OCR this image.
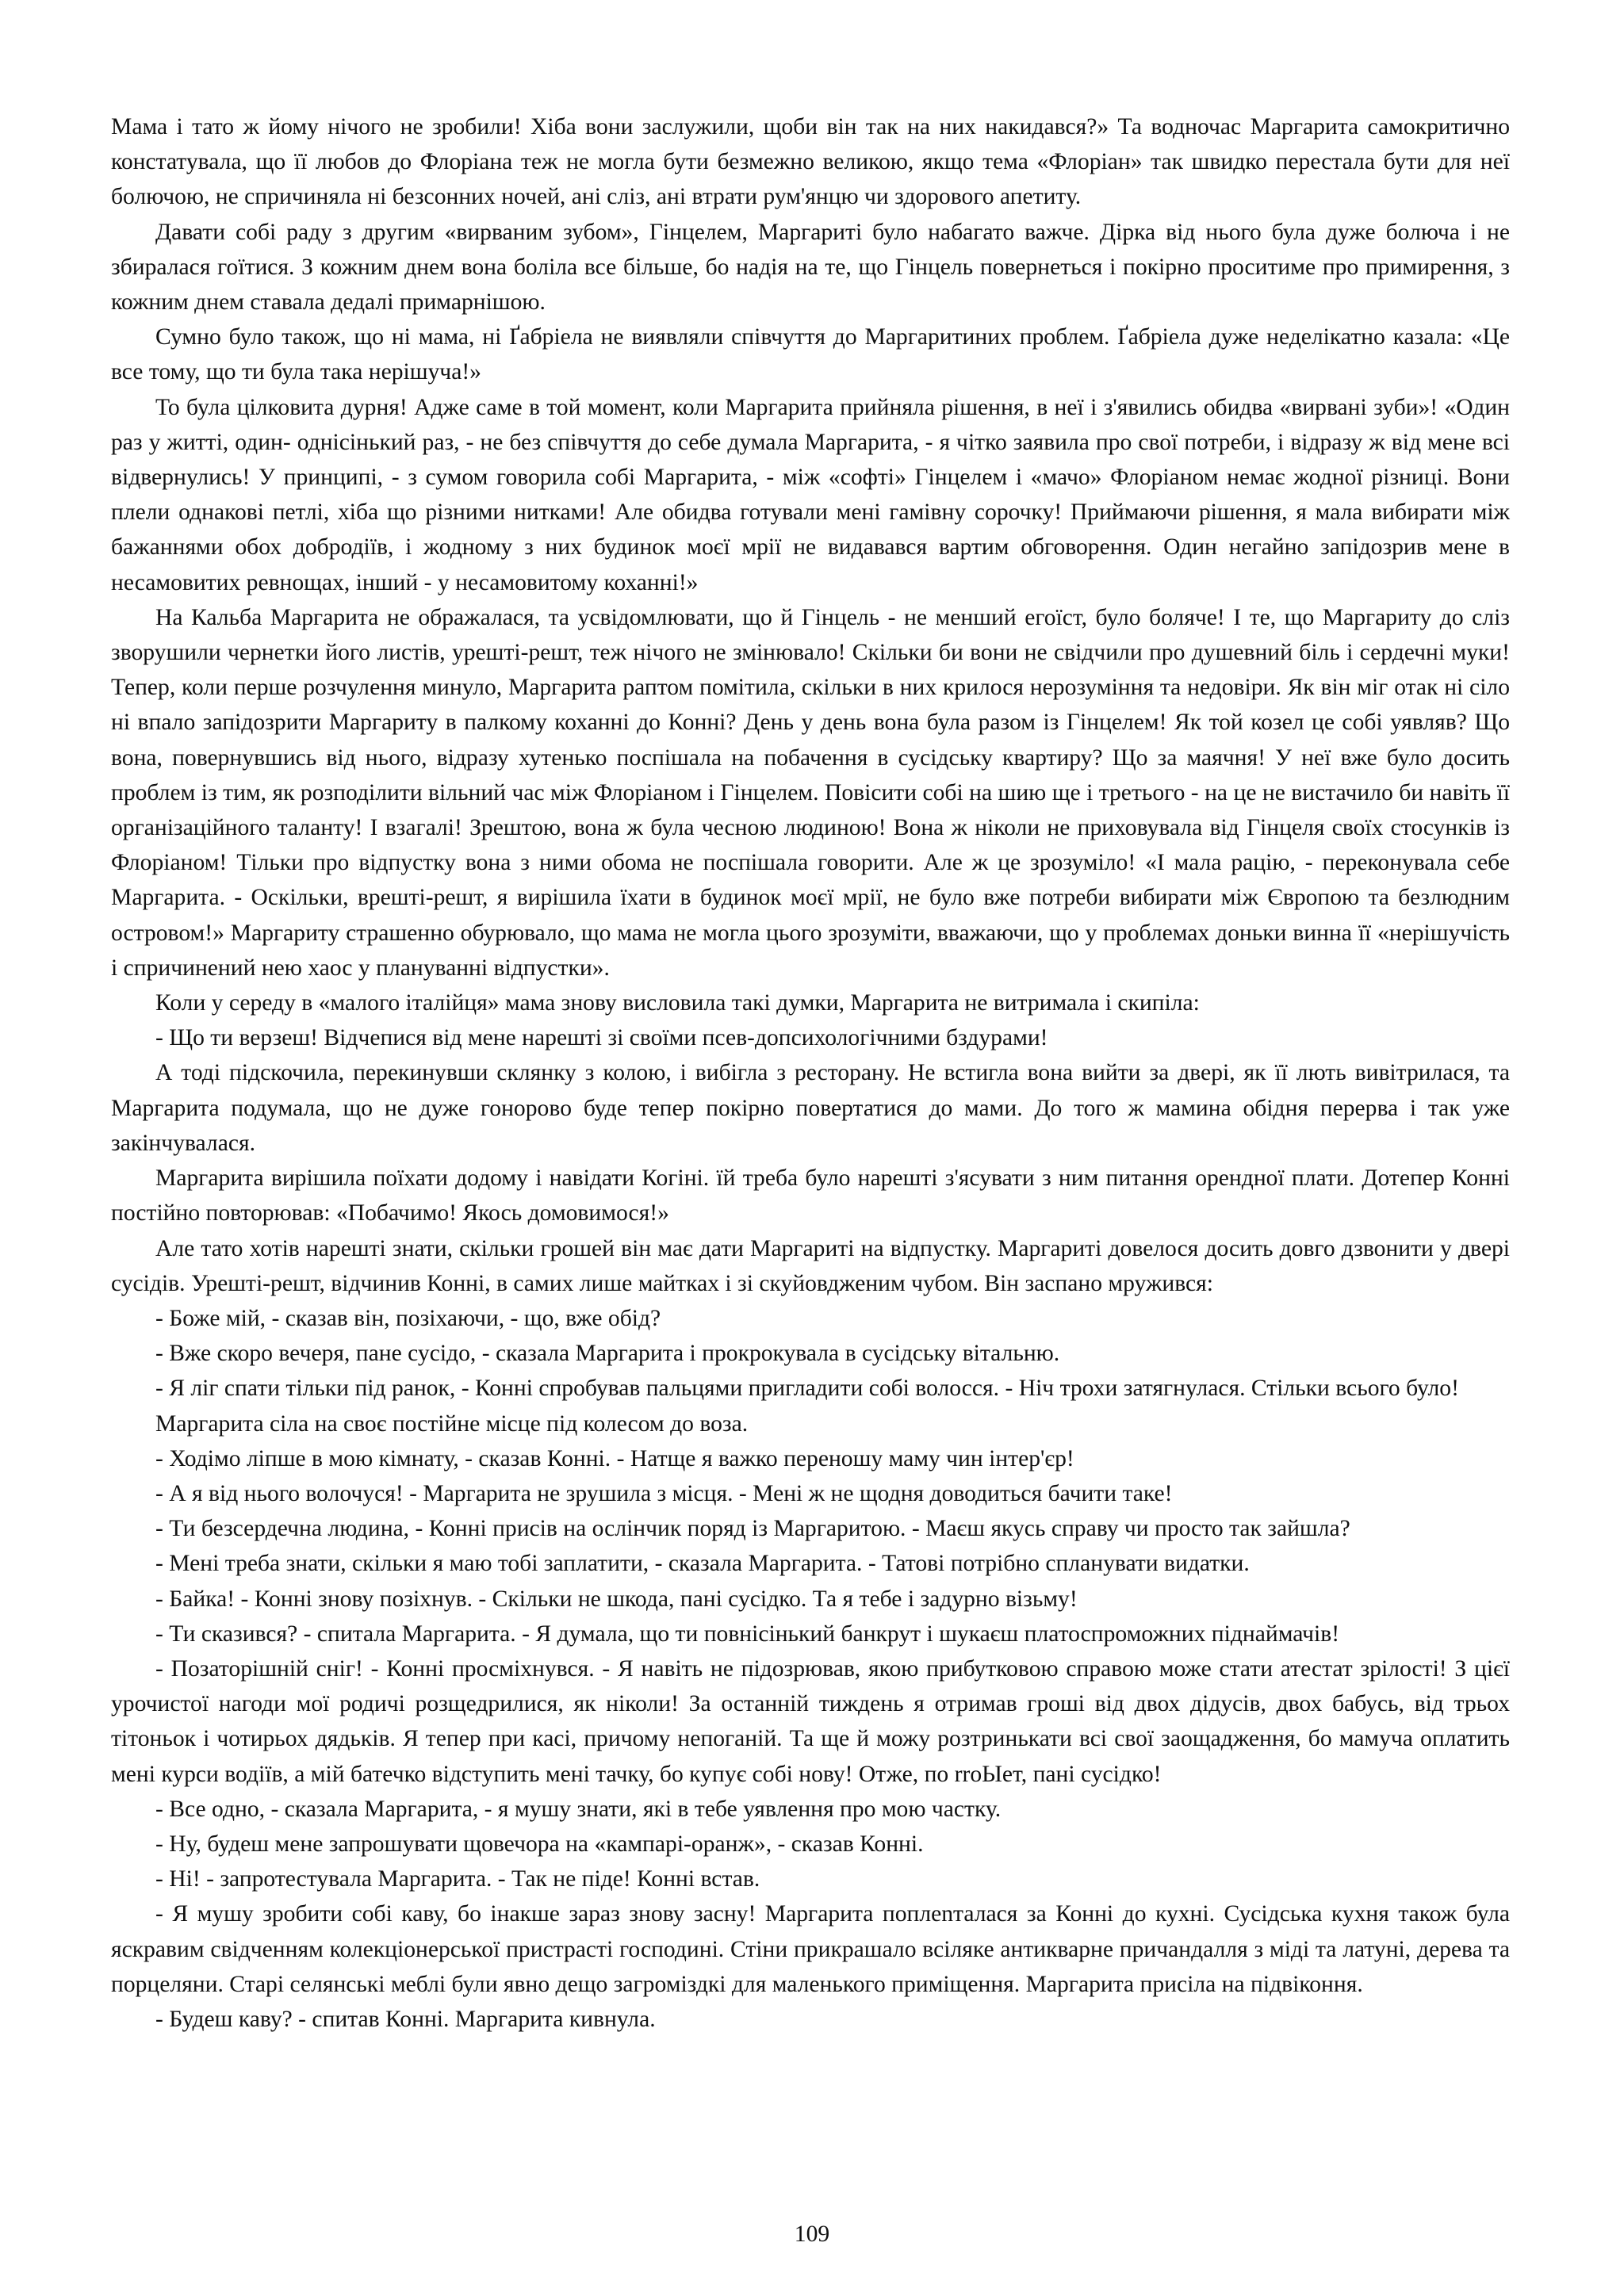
Мама і тато ж йому нічого не зробили! Хіба вони заслужили, щоби він так на них накидався?» Та водночас Маргарита самокритично констатувала, що її любов до Флоріана теж не могла бути безмежно великою, якщо тема «Флоріан» так швидко перестала бути для неї болючою, не спричиняла ні безсонних ночей, ані сліз, ані втрати рум'янцю чи здорового апетиту.

Давати собі раду з другим «вирваним зубом», Гінцелем, Маргариті було набагато важче. Дірка від нього була дуже болюча і не збиралася гоїтися. З кожним днем вона боліла все більше, бо надія на те, що Гінцель повернеться і покірно проситиме про примирення, з кожним днем ставала дедалі примарнішою.

Сумно було також, що ні мама, ні Ґабріела не виявляли співчуття до Маргаритиних проблем. Ґабріела дуже неделікатно казала: «Це все тому, що ти була така нерішуча!»

То була цілковита дурня! Адже саме в той момент, коли Маргарита прийняла рішення, в неї і з'явились обидва «вирвані зуби»! «Один раз у житті, один- однісінький раз, - не без співчуття до себе думала Маргарита, - я чітко заявила про свої потреби, і відразу ж від мене всі відвернулись! У принципі, - з сумом говорила собі Маргарита, - між «софті» Гінцелем і «мачо» Флоріаном немає жодної різниці. Вони плели однакові петлі, хіба що різними нитками! Але обидва готували мені гамівну сорочку! Приймаючи рішення, я мала вибирати між бажаннями обох добродіїв, і жодному з них будинок моєї мрії не видавався вартим обговорення. Один негайно запідозрив мене в несамовитих ревнощах, інший - у несамовитому коханні!»

На Кальба Маргарита не ображалася, та усвідомлювати, що й Гінцель - не менший егоїст, було боляче! І те, що Маргариту до сліз зворушили чернетки його листів, урешті-решт, теж нічого не змінювало! Скільки би вони не свідчили про душевний біль і сердечні муки! Тепер, коли перше розчулення минуло, Маргарита раптом помітила, скільки в них крилося нерозуміння та недовіри. Як він міг отак ні сіло ні впало запідозрити Маргариту в палкому коханні до Конні? День у день вона була разом із Гінцелем! Як той козел це собі уявляв? Що вона, повернувшись від нього, відразу хутенько поспішала на побачення в сусідську квартиру? Що за маячня! У неї вже було досить проблем із тим, як розподілити вільний час між Флоріаном і Гінцелем. Повісити собі на шию ще і третього - на це не вистачило би навіть її організаційного таланту! І взагалі! Зрештою, вона ж була чесною людиною! Вона ж ніколи не приховувала від Гінцеля своїх стосунків із Флоріаном! Тільки про відпустку вона з ними обома не поспішала говорити. Але ж це зрозуміло! «І мала рацію, - переконувала себе Маргарита. - Оскільки, врешті-решт, я вирішила їхати в будинок моєї мрії, не було вже потреби вибирати між Європою та безлюдним островом!» Маргариту страшенно обурювало, що мама не могла цього зрозуміти, вважаючи, що у проблемах доньки винна її «нерішучість і спричинений нею хаос у плануванні відпустки».

Коли у середу в «малого італійця» мама знову висловила такі думки, Маргарита не витримала і скипіла:

- Що ти верзеш! Відчепися від мене нарешті зі своїми псев-допсихологічними бздурами!

А тоді підскочила, перекинувши склянку з колою, і вибігла з ресторану. Не встигла вона вийти за двері, як її лють вивітрилася, та Маргарита подумала, що не дуже гоноровo буде тепер покірно повертатися до мами. До того ж мамина обідня перерва і так уже закінчувалася.

Маргарита вирішила поїхати додому і навідати Когіні. їй треба було нарешті з'ясувати з ним питання орендної плати. Дотепер Конні постійно повторював: «Побачимо! Якось домовимося!»

Але тато хотів нарешті знати, скільки грошей він має дати Маргариті на відпустку. Маргариті довелося досить довго дзвонити у двері сусідів. Урешті-решт, відчинив Конні, в самих лише майтках і зі скуйовдженим чубом. Він заспано мружився:

- Боже мій, - сказав він, позіхаючи, - що, вже обід?

- Вже скоро вечеря, пане сусідо, - сказала Маргарита і прокрокувала в сусідську вітальню.

- Я ліг спати тільки під ранок, - Конні спробував пальцями пригладити собі волосся. - Ніч трохи затягнулася. Стільки всього було!

Маргарита сіла на своє постійне місце під колесом до воза.

- Ходімо ліпше в мою кімнату, - сказав Конні. - Натще я важко переношу маму чин інтер'єр!

- А я від нього волочуся! - Маргарита не зрушила з місця. - Мені ж не щодня доводиться бачити таке!

- Ти безсердечна людина, - Конні присів на ослінчик поряд із Маргаритою. - Маєш якусь справу чи просто так зайшла?

- Мені треба знати, скільки я маю тобі заплатити, - сказала Маргарита. - Татові потрібно спланувати видатки.

- Байка! - Конні знову позіхнув. - Скільки не шкода, пані сусідко. Та я тебе і задурно візьму!

- Ти сказився? - спитала Маргарита. - Я думала, що ти повнісінький банкрут і шукаєш платоспроможних піднаймачів!

- Позаторішній сніг! - Конні просміхнувся. - Я навіть не підозрював, якою прибутковою справою може стати атестат зрілості! З цієї урочистої нагоди мої родичі розщедрилися, як ніколи! За останній тиждень я отримав гроші від двох дідусів, двох бабусь, від трьох тітоньок і чотирьох дядьків. Я тепер при касі, причому непоганій. Та ще й можу розтринькати всі свої заощадження, бо мамуча оплатить мені курси водіїв, а мій батечко відступить мені тачку, бо купує собі нову! Отже, по rroЫет, пані сусідко!

- Все одно, - сказала Маргарита, - я мушу знати, які в тебе уявлення про мою частку.

- Ну, будеш мене запрошувати щовечора на «кампарі-оранж», - сказав Конні.

- Ні! - запротестувала Маргарита. - Так не піде! Конні встав.

- Я мушу зробити собі каву, бо інакше зараз знову засну! Маргарита поплenталася за Конні до кухні. Сусідська кухня також була яскравим свідченням колекціонерської пристрасті господині. Стіни прикрашало всіляке антикварне причандалля з міді та латуні, дерева та порцеляни. Старі селянські меблі були явно дещо загроміздкі для маленького приміщення. Маргарита присіла на підвіконня.

- Будеш каву? - спитав Конні. Маргарита кивнула.

109
